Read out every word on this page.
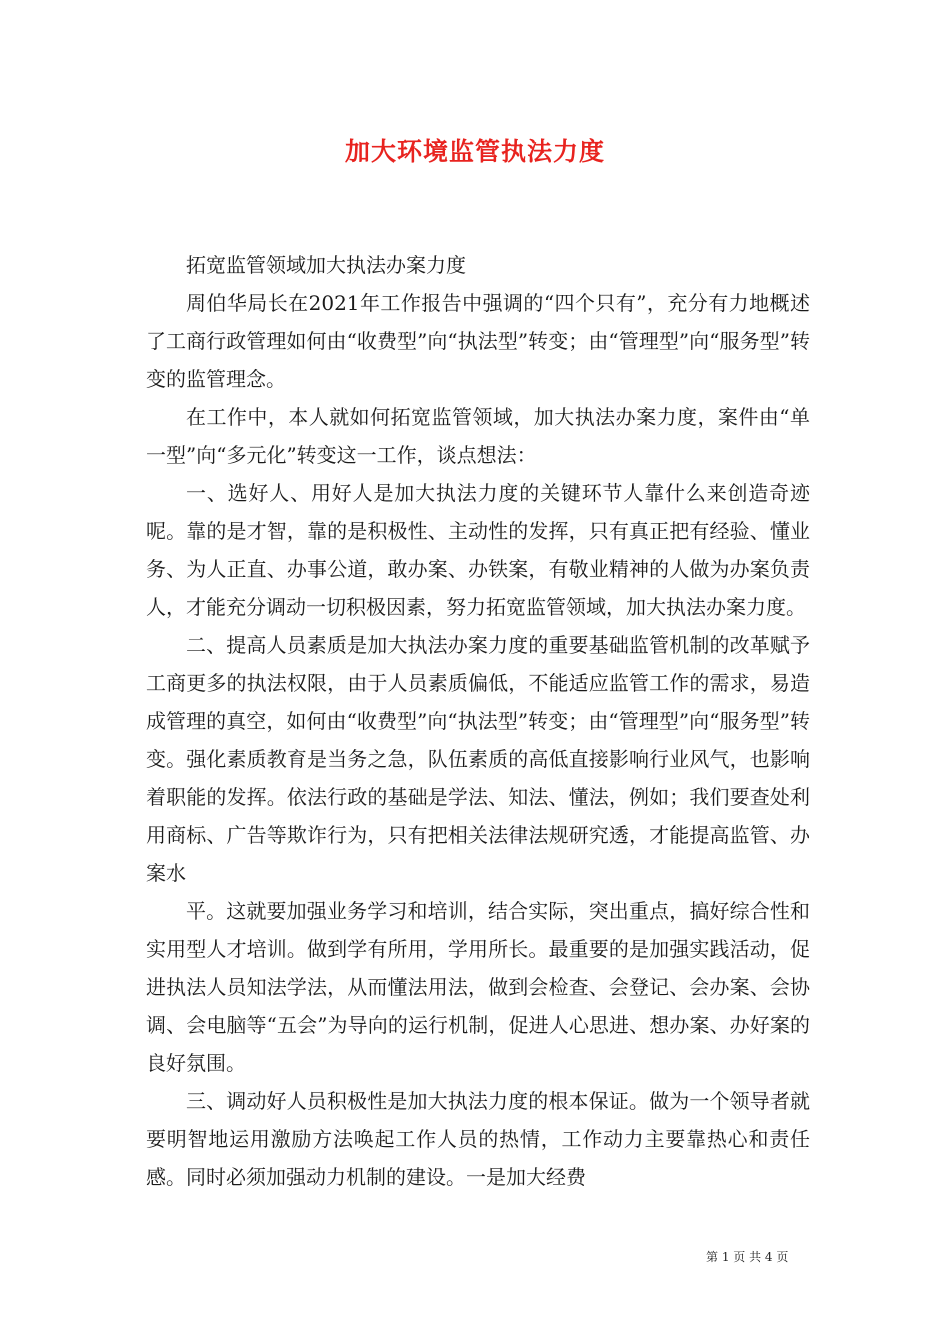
加大环境监管执法力度

拓宽监管领域加大执法办案力度

周伯华局长在2021年工作报告中强调的“四个只有”，充分有力地概述了工商行政管理如何由“收费型”向“执法型”转变；由“管理型”向“服务型”转变的监管理念。

在工作中，本人就如何拓宽监管领域，加大执法办案力度，案件由“单一型”向“多元化”转变这一工作，谈点想法：

一、选好人、用好人是加大执法力度的关键环节人靠什么来创造奇迹呢。靠的是才智，靠的是积极性、主动性的发挥，只有真正把有经验、懂业务、为人正直、办事公道，敢办案、办铁案，有敬业精神的人做为办案负责人，才能充分调动一切积极因素，努力拓宽监管领域，加大执法办案力度。

二、提高人员素质是加大执法办案力度的重要基础监管机制的改革赋予工商更多的执法权限，由于人员素质偏低，不能适应监管工作的需求，易造成管理的真空，如何由“收费型”向“执法型”转变；由“管理型”向“服务型”转变。强化素质教育是当务之急，队伍素质的高低直接影响行业风气，也影响着职能的发挥。依法行政的基础是学法、知法、懂法，例如；我们要查处利用商标、广告等欺诈行为，只有把相关法律法规研究透，才能提高监管、办案水

平。这就要加强业务学习和培训，结合实际，突出重点，搞好综合性和实用型人才培训。做到学有所用，学用所长。最重要的是加强实践活动，促进执法人员知法学法，从而懂法用法，做到会检查、会登记、会办案、会协调、会电脑等“五会”为导向的运行机制，促进人心思进、想办案、办好案的良好氛围。

三、调动好人员积极性是加大执法力度的根本保证。做为一个领导者就要明智地运用激励方法唤起工作人员的热情，工作动力主要靠热心和责任感。同时必须加强动力机制的建设。一是加大经费

第 1 页 共 4 页
